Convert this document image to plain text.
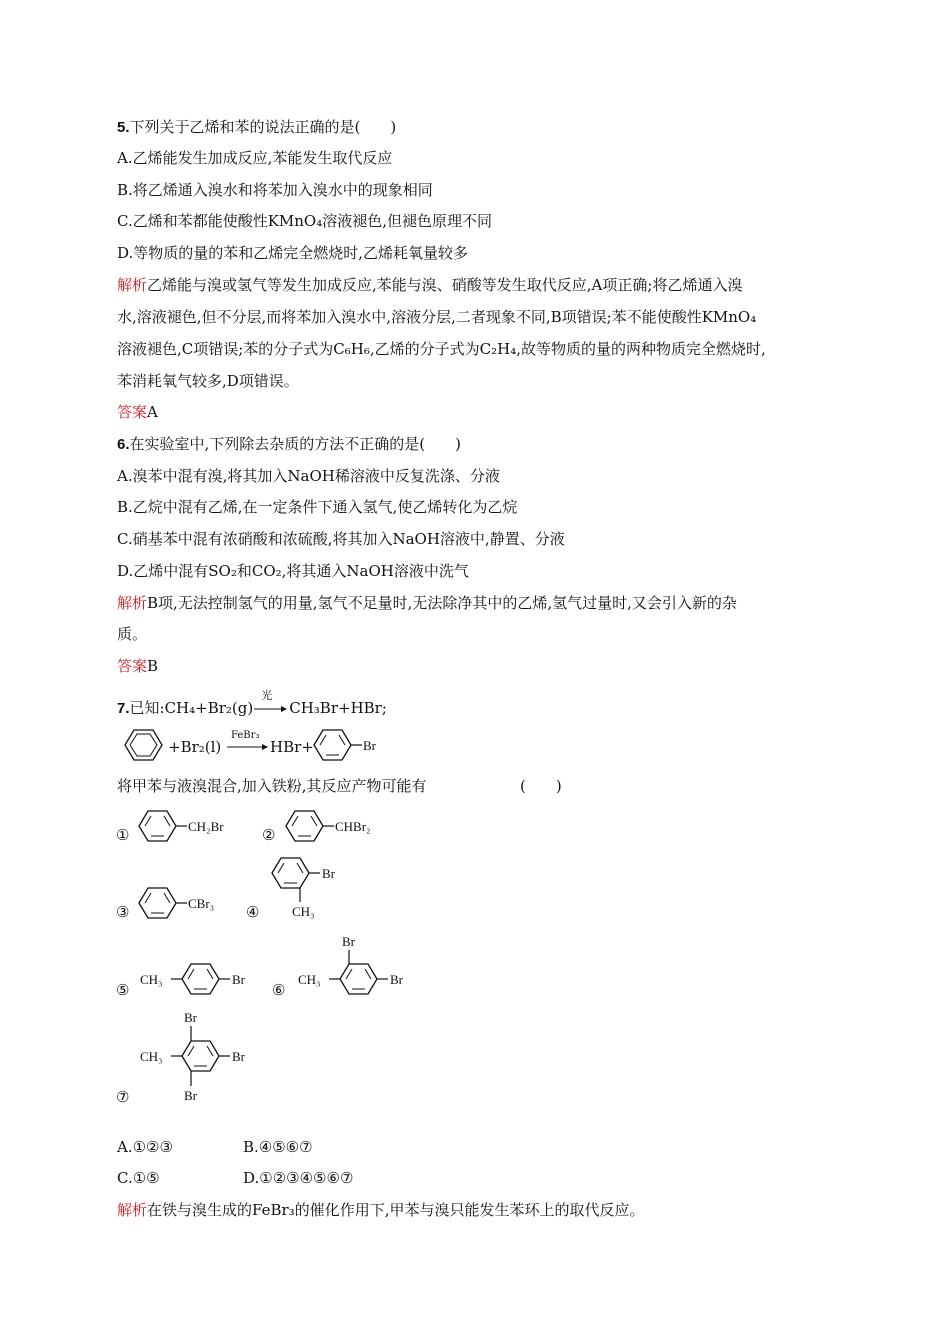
5.下列关于乙烯和苯的说法正确的是(　　)
A.乙烯能发生加成反应,苯能发生取代反应
B.将乙烯通入溴水和将苯加入溴水中的现象相同
C.乙烯和苯都能使酸性KMnO₄溶液褪色,但褪色原理不同
D.等物质的量的苯和乙烯完全燃烧时,乙烯耗氧量较多
解析乙烯能与溴或氢气等发生加成反应,苯能与溴、硝酸等发生取代反应,A项正确;将乙烯通入溴
水,溶液褪色,但不分层,而将苯加入溴水中,溶液分层,二者现象不同,B项错误;苯不能使酸性KMnO₄
溶液褪色,C项错误;苯的分子式为C₆H₆,乙烯的分子式为C₂H₄,故等物质的量的两种物质完全燃烧时,
苯消耗氧气较多,D项错误。
答案A
6.在实验室中,下列除去杂质的方法不正确的是(　　)
A.溴苯中混有溴,将其加入NaOH稀溶液中反复洗涤、分液
B.乙烷中混有乙烯,在一定条件下通入氢气,使乙烯转化为乙烷
C.硝基苯中混有浓硝酸和浓硫酸,将其加入NaOH溶液中,静置、分液
D.乙烯中混有SO₂和CO₂,将其通入NaOH溶液中洗气
解析B项,无法控制氢气的用量,氢气不足量时,无法除净其中的乙烯,氢气过量时,又会引入新的杂
质。
答案B
7.已知:CH₄+Br₂(g)
光
CH₃Br+HBr;
+Br₂(l)
FeBr₃
HBr+	Br
将甲苯与液溴混合,加入铁粉,其反应产物可能有	(　　)
①	CH₂Br	②	CHBr₂
③	CBr₃ ④
Br
CH₃
⑤
CH₃	Br
⑥
CH₃
Br
Br
⑦
Br
CH₃	Br
Br
A.①②③	B.④⑤⑥⑦
C.①⑤	D.①②③④⑤⑥⑦
解析在铁与溴生成的FeBr₃的催化作用下,甲苯与溴只能发生苯环上的取代反应。
